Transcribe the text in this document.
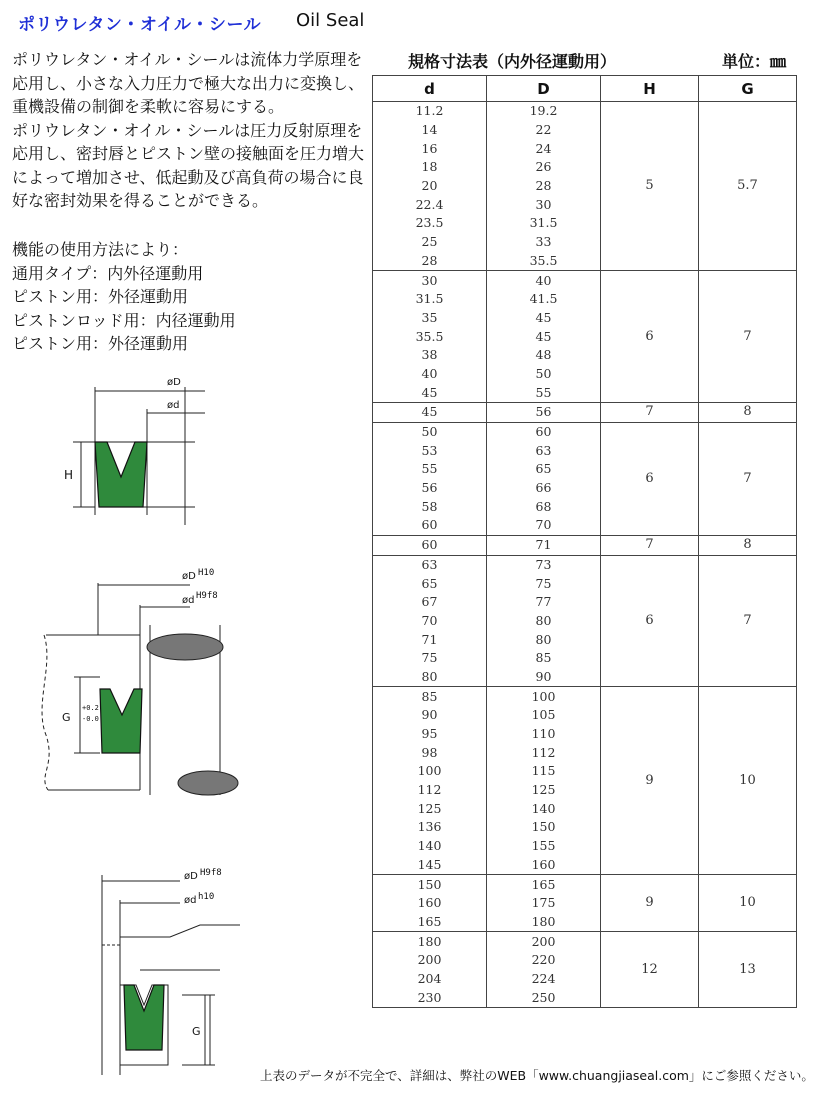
ポリウレタン・オイル・シール Oil Seal

ポリウレタン・オイル・シールは流体力学原理を応用し、小さな入力圧力で極大な出力に変換し、重機設備の制御を柔軟に容易にする。

ポリウレタン・オイル・シールは圧力反射原理を応用し、密封唇とピストン壁の接触面を圧力増大によって増加させ、低起動及び高負荷の場合に良好な密封効果を得ることができる。

機能の使用方法により：

通用タイプ：内外径運動用

ピストン用：外径運動用

ピストンロッド用：内径運動用

ピストン用：外径運動用

øD
ød
H
øD H10
ød H9f8
G
+0.2
-0.0
øD H9f8
ød h10
G
規格寸法表（内外径運動用）	単位：㎜
d	D	H	G
11.2	19.2	5	5.7
14	22		
16	24		
18	26		
20	28		
22.4	30		
23.5	31.5		
25	33		
28	35.5		
30	40	6	7
31.5	41.5		
35	45		
35.5	45		
38	48		
40	50		
45	55		
45	56	7	8
50	60	6	7
53	63		
55	65		
56	66		
58	68		
60	70		
60	71	7	8
63	73	6	7
65	75		
67	77		
70	80		
71	80		
75	85		
80	90		
85	100	9	10
90	105		
95	110		
98	112		
100	115		
112	125		
125	140		
136	150		
140	155		
145	160		
150	165	9	10
160	175		
165	180		
180	200	12	13
200	220		
204	224		
230	250		
上表のデータが不完全で、詳細は、弊社のWEB「www.chuangjiaseal.com」にご参照ください。
